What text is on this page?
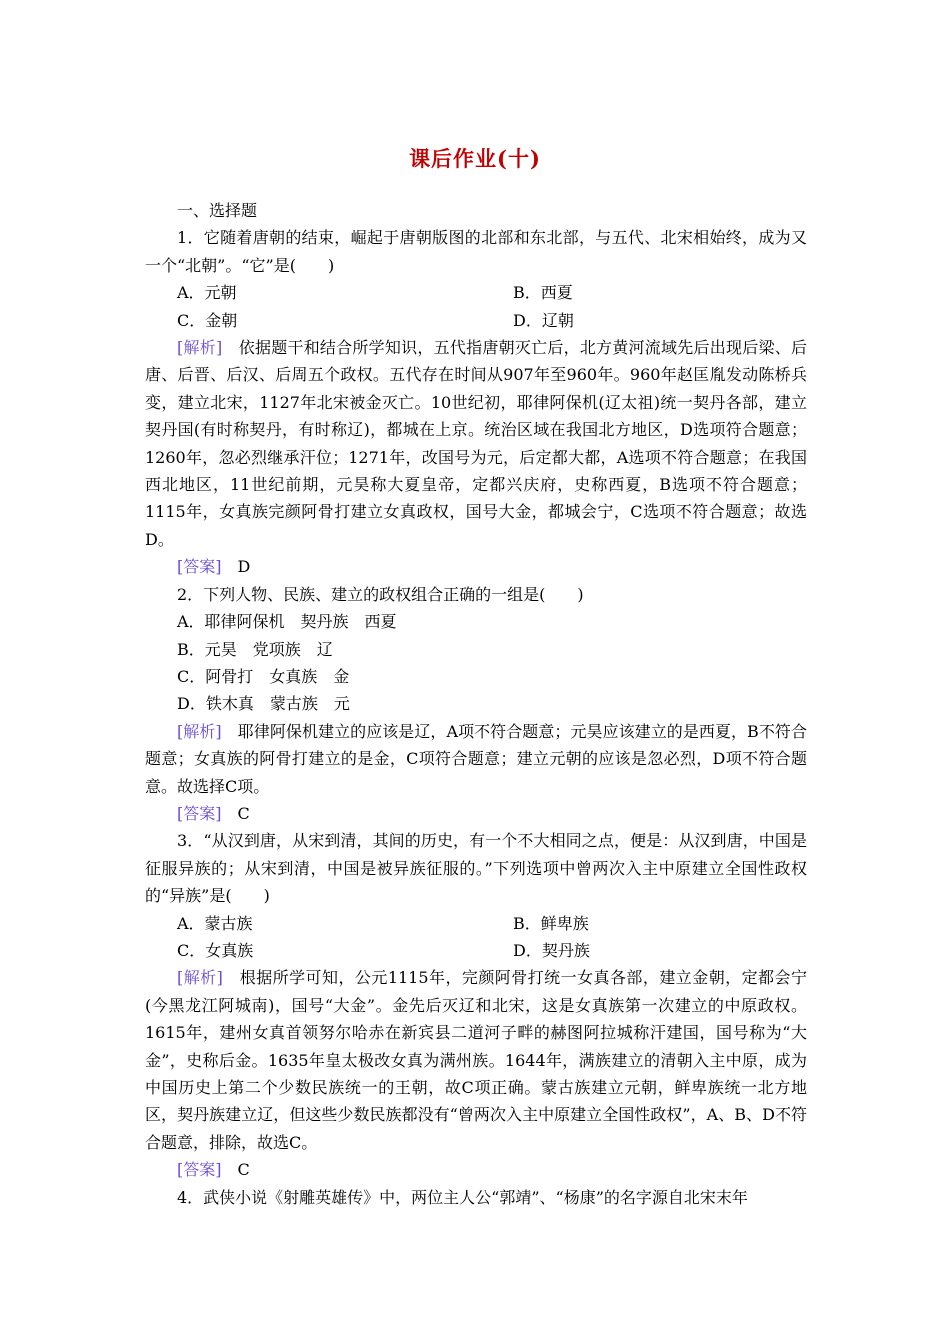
课后作业(十)

一、选择题

1．它随着唐朝的结束，崛起于唐朝版图的北部和东北部，与五代、北宋相始终，成为又一个“北朝”。“它”是(　　)

A．元朝	B．西夏
C．金朝	D．辽朝

[解析]　 依据题干和结合所学知识，五代指唐朝灭亡后，北方黄河流域先后出现后梁、后唐、后晋、后汉、后周五个政权。五代存在时间从907年至960年。960年赵匡胤发动陈桥兵变，建立北宋，1127年北宋被金灭亡。10世纪初，耶律阿保机(辽太祖)统一契丹各部，建立契丹国(有时称契丹，有时称辽)，都城在上京。统治区域在我国北方地区，D选项符合题意；1260年，忽必烈继承汗位；1271年，改国号为元，后定都大都，A选项不符合题意；在我国西北地区，11世纪前期，元昊称大夏皇帝，定都兴庆府，史称西夏，B选项不符合题意；1115年，女真族完颜阿骨打建立女真政权，国号大金，都城会宁，C选项不符合题意；故选D。

[答案]　 D

2．下列人物、民族、建立的政权组合正确的一组是(　　)

A．耶律阿保机　契丹族　西夏

B．元昊　党项族　辽

C．阿骨打　女真族　金

D．铁木真　蒙古族　元

[解析]　 耶律阿保机建立的应该是辽，A项不符合题意；元昊应该建立的是西夏，B不符合题意；女真族的阿骨打建立的是金，C项符合题意；建立元朝的应该是忽必烈，D项不符合题意。故选择C项。

[答案]　 C

3．“从汉到唐，从宋到清，其间的历史，有一个不大相同之点，便是：从汉到唐，中国是征服异族的；从宋到清，中国是被异族征服的。”下列选项中曾两次入主中原建立全国性政权的“异族”是(　　)

A．蒙古族	B．鲜卑族
C．女真族	D．契丹族

[解析]　 根据所学可知，公元1115年，完颜阿骨打统一女真各部，建立金朝，定都会宁(今黑龙江阿城南)，国号“大金”。金先后灭辽和北宋，这是女真族第一次建立的中原政权。1615年，建州女真首领努尔哈赤在新宾县二道河子畔的赫图阿拉城称汗建国，国号称为“大金”，史称后金。1635年皇太极改女真为满州族。1644年，满族建立的清朝入主中原，成为中国历史上第二个少数民族统一的王朝，故C项正确。蒙古族建立元朝，鲜卑族统一北方地区，契丹族建立辽，但这些少数民族都没有“曾两次入主中原建立全国性政权”，A、B、D不符合题意，排除，故选C。

[答案]　 C

4．武侠小说《射雕英雄传》中，两位主人公“郭靖”、“杨康”的名字源自北宋末年
